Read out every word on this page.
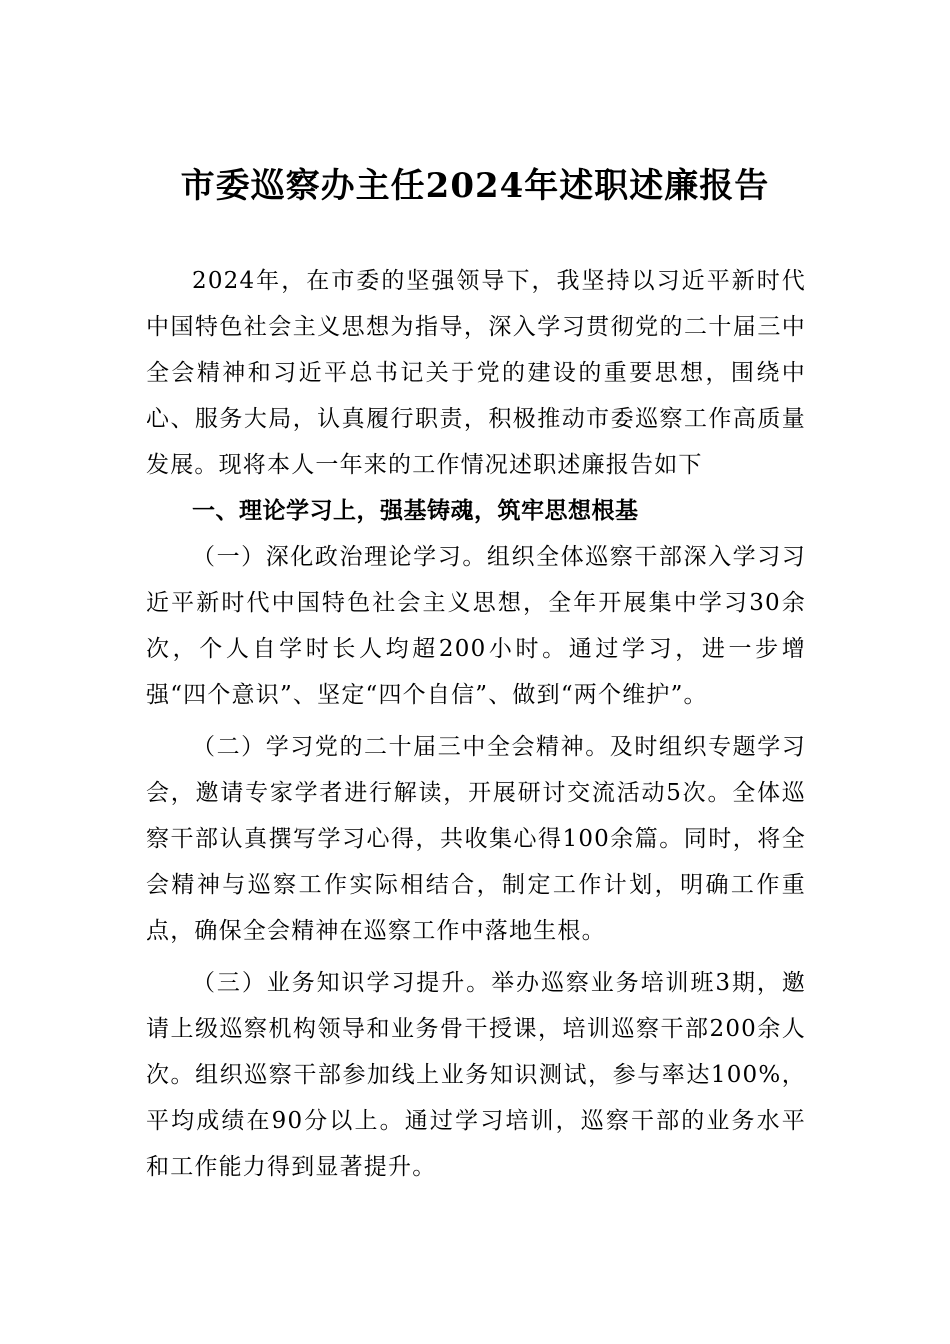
市委巡察办主任2024年述职述廉报告

2024年，在市委的坚强领导下，我坚持以习近平新时代中国特色社会主义思想为指导，深入学习贯彻党的二十届三中全会精神和习近平总书记关于党的建设的重要思想，围绕中心、服务大局，认真履行职责，积极推动市委巡察工作高质量发展。现将本人一年来的工作情况述职述廉报告如下

一、理论学习上，强基铸魂，筑牢思想根基

（一）深化政治理论学习。组织全体巡察干部深入学习习近平新时代中国特色社会主义思想，全年开展集中学习30余次，个人自学时长人均超200小时。通过学习，进一步增强“四个意识”、坚定“四个自信”、做到“两个维护”。

（二）学习党的二十届三中全会精神。及时组织专题学习会，邀请专家学者进行解读，开展研讨交流活动5次。全体巡察干部认真撰写学习心得，共收集心得100余篇。同时，将全会精神与巡察工作实际相结合，制定工作计划，明确工作重点，确保全会精神在巡察工作中落地生根。

（三）业务知识学习提升。举办巡察业务培训班3期，邀请上级巡察机构领导和业务骨干授课，培训巡察干部200余人次。组织巡察干部参加线上业务知识测试，参与率达100%，平均成绩在90分以上。通过学习培训，巡察干部的业务水平和工作能力得到显著提升。
